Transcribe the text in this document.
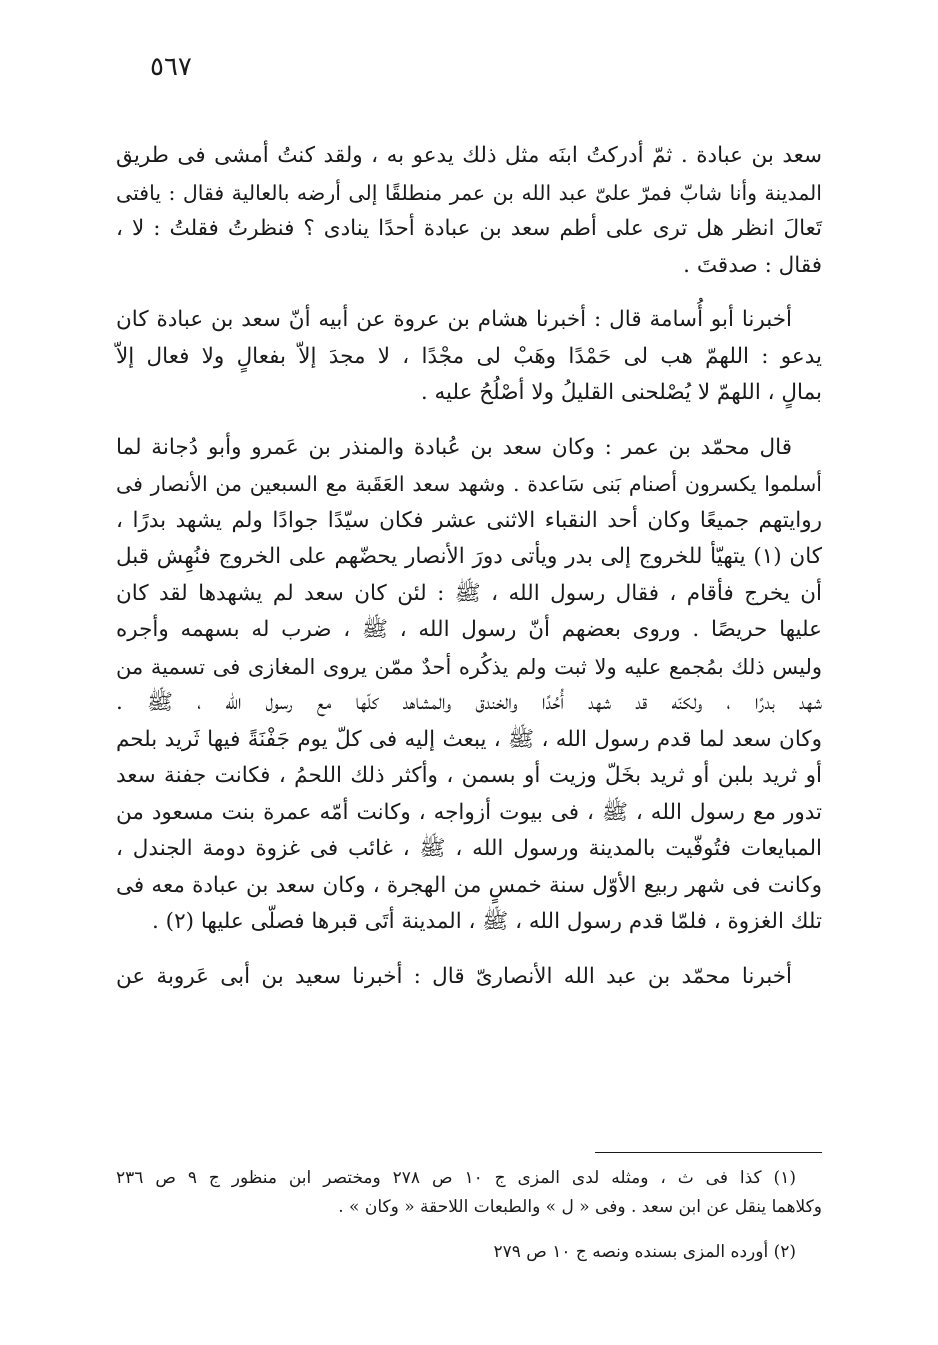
٥٦٧
سعد بن عبادة . ثمّ أدركتُ ابنَه مثل ذلك يدعو به ، ولقد كنتُ أمشى فى طريق
المدينة وأنا شابّ فمرّ علىّ عبد الله بن عمر منطلقًا إلى أرضه بالعالية فقال : يافتى
تَعالَ انظر هل ترى على أطم سعد بن عبادة أحدًا ينادى ؟ فنظرتُ فقلتُ : لا ،
فقال : صدقتَ .
أخبرنا أبو أُسامة قال : أخبرنا هشام بن عروة عن أبيه أنّ سعد بن عبادة كان
يدعو : اللهمّ هب لى حَمْدًا وهَبْ لى مجْدًا ، لا مجدَ إلاّ بفعالٍ ولا فعال إلاّ
بمالٍ ، اللهمّ لا يُصْلحنى القليلُ ولا أصْلُحُ عليه .
قال محمّد بن عمر : وكان سعد بن عُبادة والمنذر بن عَمرو وأبو دُجانة لما
أسلموا يكسرون أصنام بَنى سَاعدة . وشهد سعد العَقَبة مع السبعين من الأنصار فى
روايتهم جميعًا وكان أحد النقباء الاثنى عشر فكان سيّدًا جوادًا ولم يشهد بدرًا ،
كان (١) يتهيّأ للخروج إلى بدر ويأتى دورَ الأنصار يحضّهم على الخروج فنُهِش قبل
أن يخرج فأقام ، فقال رسول الله ، ﷺ : لئن كان سعد لم يشهدها لقد كان
عليها حريصًا . وروى بعضهم أنّ رسول الله ، ﷺ ، ضرب له بسهمه وأجره
وليس ذلك بمُجمع عليه ولا ثبت ولم يذكُره أحدٌ ممّن يروى المغازى فى تسمية من
شهد بدرًا ، ولكنّه قد شهد أُحُدًا والخندق والمشاهد كلّها مع رسول الله ، ﷺ .
وكان سعد لما قدم رسول الله ، ﷺ ، يبعث إليه فى كلّ يوم جَفْنَةً فيها ثَريد بلحم
أو ثريد بلبن أو ثريد بخَلّ وزيت أو بسمن ، وأكثر ذلك اللحمُ ، فكانت جفنة سعد
تدور مع رسول الله ، ﷺ ، فى بيوت أزواجه ، وكانت أمّه عمرة بنت مسعود من
المبايعات فتُوفّيت بالمدينة ورسول الله ، ﷺ ، غائب فى غزوة دومة الجندل ،
وكانت فى شهر ربيع الأوّل سنة خمسٍ من الهجرة ، وكان سعد بن عبادة معه فى
تلك الغزوة ، فلمّا قدم رسول الله ، ﷺ ، المدينة أتَى قبرها فصلّى عليها (٢) .
أخبرنا محمّد بن عبد الله الأنصارىّ قال : أخبرنا سعيد بن أبى عَروبة عن
(١) كذا فى ث ، ومثله لدى المزى ج ١٠ ص ٢٧٨ ومختصر ابن منظور ج ٩ ص ٢٣٦
وكلاهما ينقل عن ابن سعد . وفى « ل » والطبعات اللاحقة « وكان » .
(٢) أورده المزى بسنده ونصه ج ١٠ ص ٢٧٩
